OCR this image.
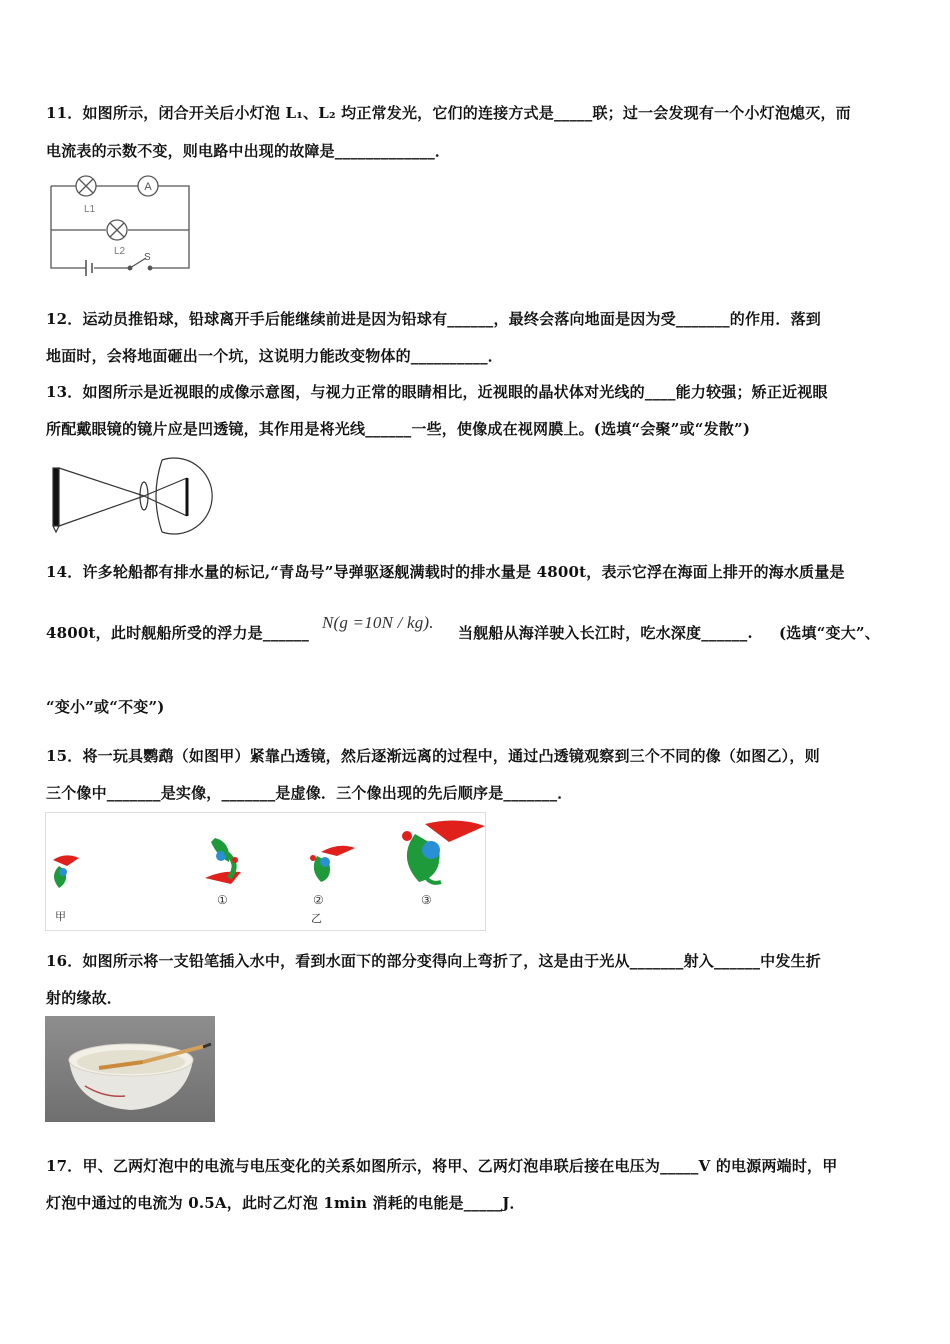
11．如图所示，闭合开关后小灯泡 L₁、L₂ 均正常发光，它们的连接方式是_____联；过一会发现有一个小灯泡熄灭，而
电流表的示数不变，则电路中出现的故障是_____________．
A
L1
L2
S
12．运动员推铅球，铅球离开手后能继续前进是因为铅球有______，最终会落向地面是因为受_______的作用．落到
地面时，会将地面砸出一个坑，这说明力能改变物体的__________．
13．如图所示是近视眼的成像示意图，与视力正常的眼睛相比，近视眼的晶状体对光线的____能力较强；矫正近视眼
所配戴眼镜的镜片应是凹透镜，其作用是将光线______一些，使像成在视网膜上。(选填“会聚”或“发散”)
14．许多轮船都有排水量的标记,“青岛号”导弹驱逐舰满载时的排水量是 4800t，表示它浮在海面上排开的海水质量是
4800t，此时舰船所受的浮力是______
N(g =10N / kg).
当舰船从海洋驶入长江时，吃水深度______. (选填“变大”、
“变小”或“不变”)
15．将一玩具鹦鹉（如图甲）紧靠凸透镜，然后逐渐远离的过程中，通过凸透镜观察到三个不同的像（如图乙），则
三个像中_______是实像，_______是虚像．三个像出现的先后顺序是_______．
甲
①	②	③
乙
16．如图所示将一支铅笔插入水中，看到水面下的部分变得向上弯折了，这是由于光从_______射入______中发生折
射的缘故．
17．甲、乙两灯泡中的电流与电压变化的关系如图所示，将甲、乙两灯泡串联后接在电压为_____V 的电源两端时，甲
灯泡中通过的电流为 0.5A，此时乙灯泡 1min 消耗的电能是_____J．
